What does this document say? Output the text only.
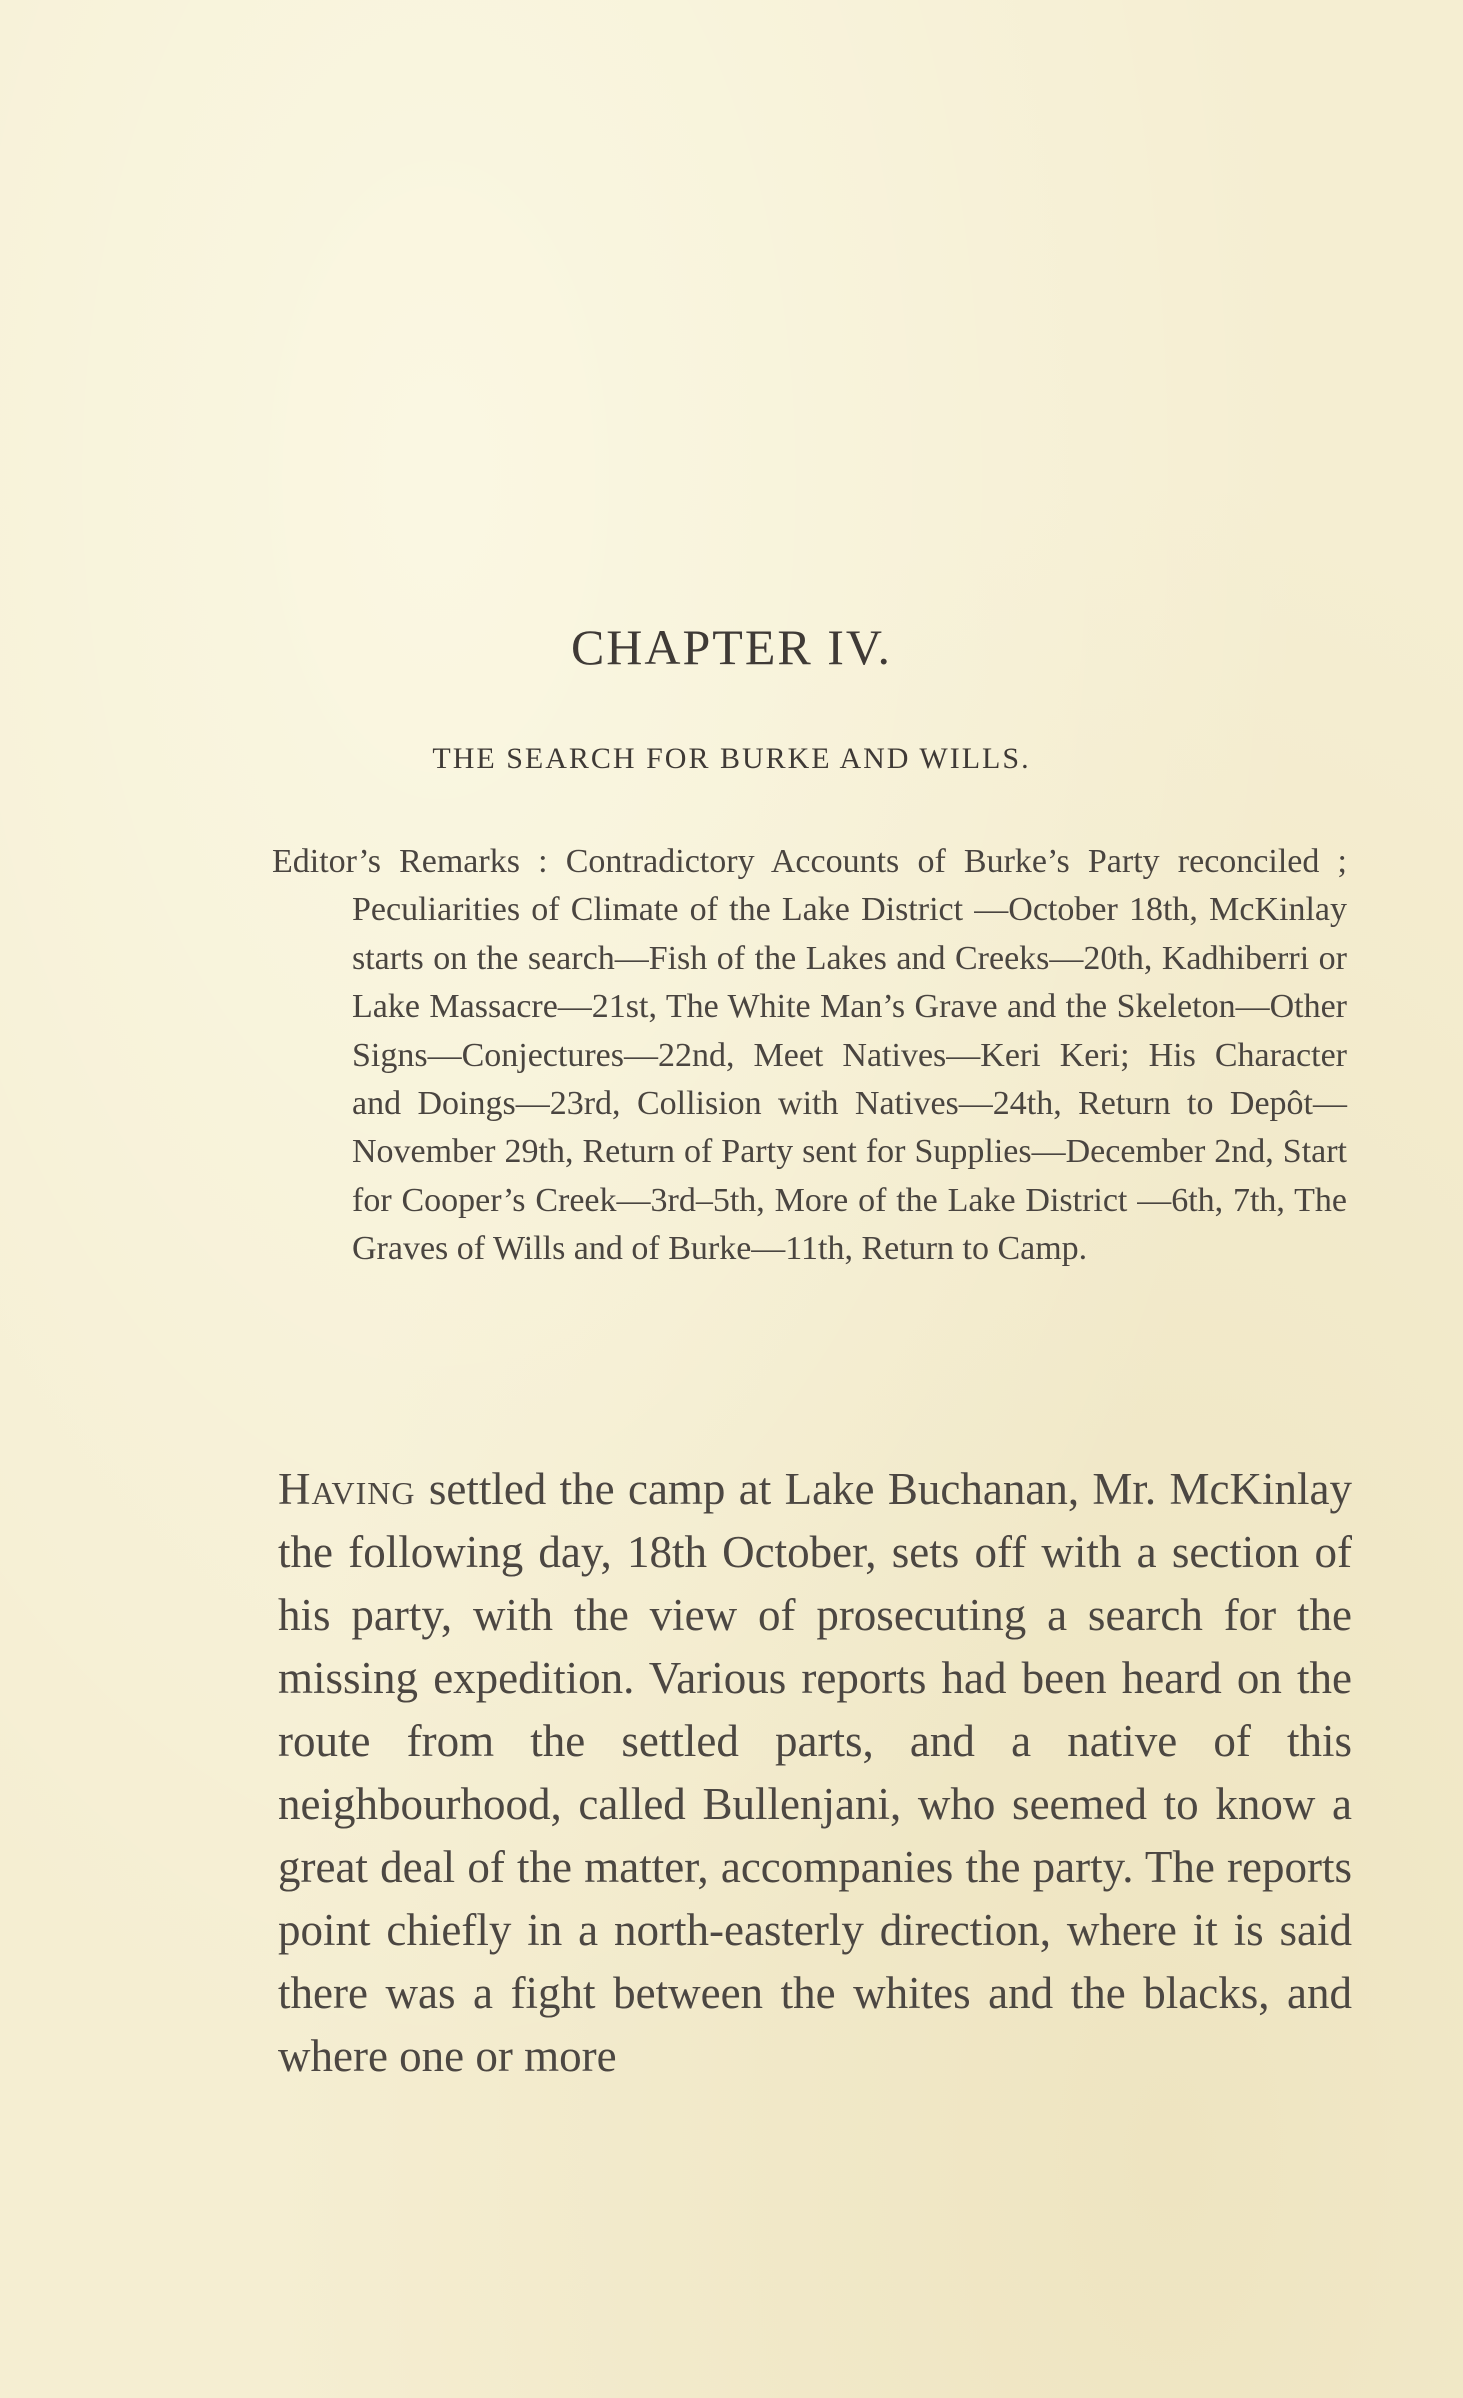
CHAPTER IV.
THE SEARCH FOR BURKE AND WILLS.

Editor’s Remarks : Contradictory Accounts of Burke’s Party reconciled ; Peculiarities of Climate of the Lake District —October 18th, McKinlay starts on the search—Fish of the Lakes and Creeks—20th, Kadhiberri or Lake Massacre—21st, The White Man’s Grave and the Skeleton—Other Signs—Conjectures—22nd, Meet Natives—Keri Keri; His Character and Doings—23rd, Collision with Natives—24th, Return to Depôt—November 29th, Return of Party sent for Supplies—December 2nd, Start for Cooper’s Creek—3rd–5th, More of the Lake District —6th, 7th, The Graves of Wills and of Burke—11th, Return to Camp.

Having settled the camp at Lake Buchanan, Mr. McKinlay the following day, 18th October, sets off with a section of his party, with the view of prosecuting a search for the missing expedition. Various reports had been heard on the route from the settled parts, and a native of this neighbourhood, called Bullenjani, who seemed to know a great deal of the matter, accompanies the party. The reports point chiefly in a north-easterly direction, where it is said there was a fight between the whites and the blacks, and where one or more
